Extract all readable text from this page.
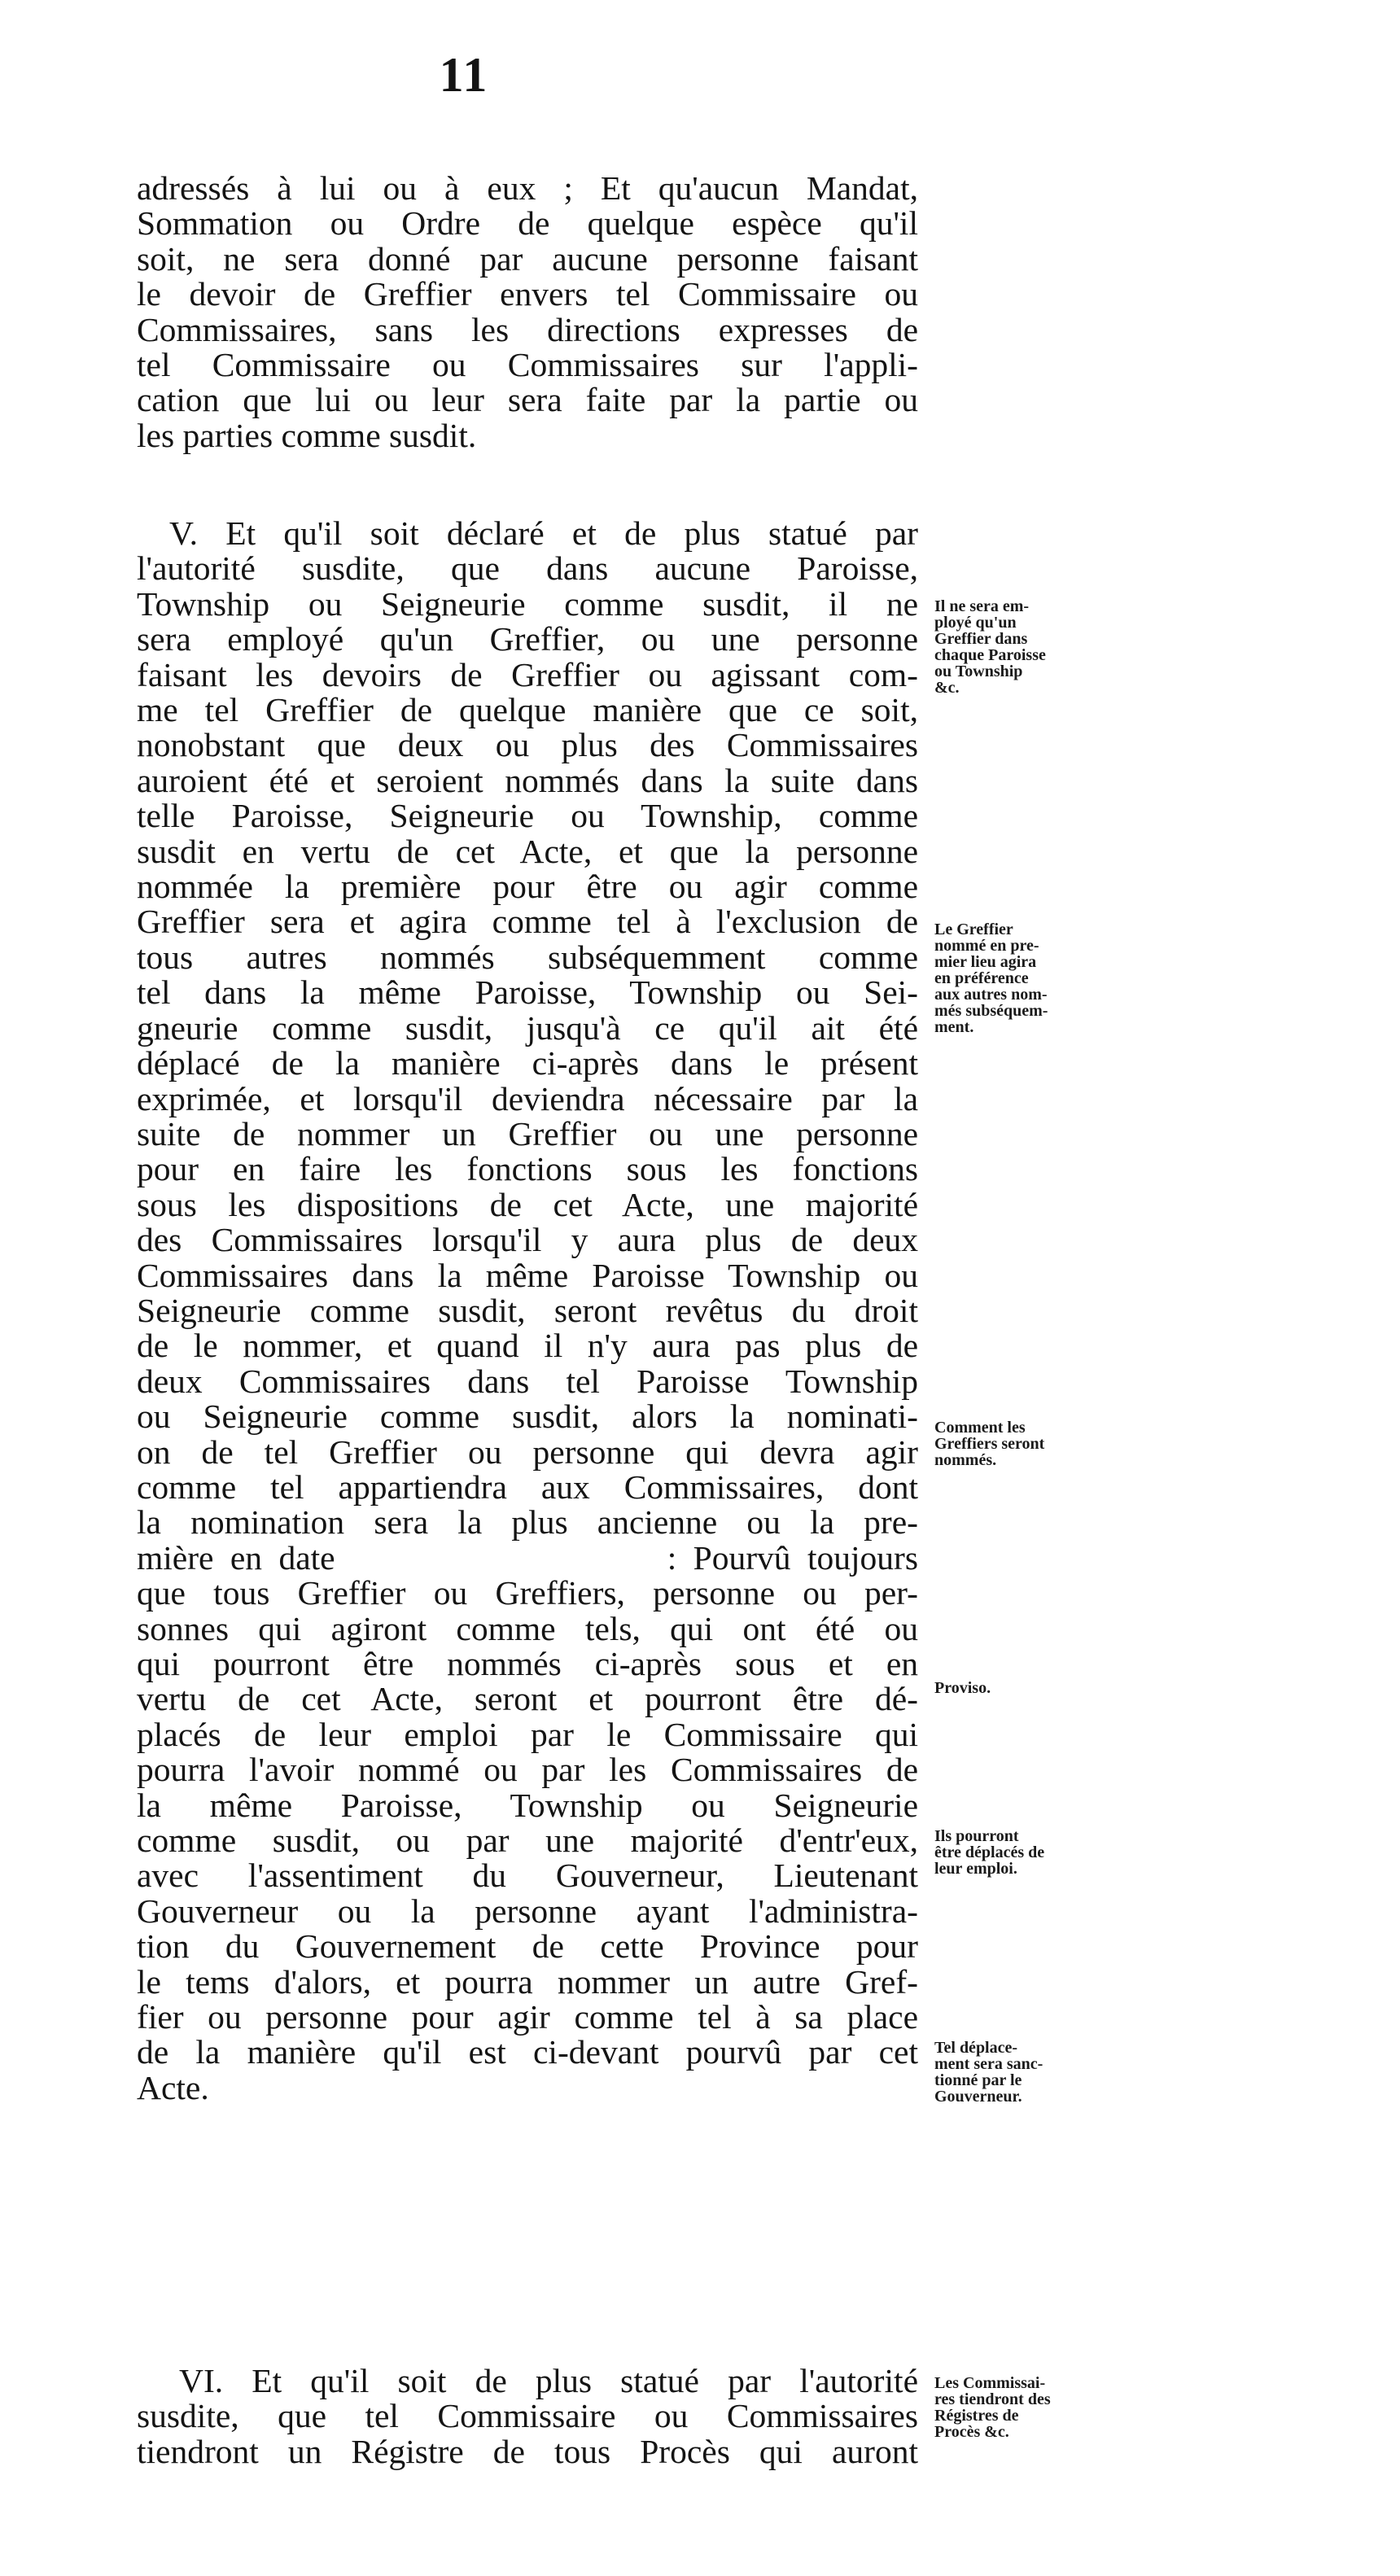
11
adressés à lui ou à eux ; Et qu'aucun Mandat,
Sommation ou Ordre de quelque espèce qu'il
soit, ne sera donné par aucune personne faisant
le devoir de Greffier envers tel Commissaire ou
Commissaires, sans les directions expresses de
tel Commissaire ou Commissaires sur l'appli-
cation que lui ou leur sera faite par la partie ou
les parties comme susdit.
V. Et qu'il soit déclaré et de plus statué par
l'autorité susdite, que dans aucune Paroisse,
Township ou Seigneurie comme susdit, il ne
sera employé qu'un Greffier, ou une personne
faisant les devoirs de Greffier ou agissant com-
me tel Greffier de quelque manière que ce soit,
nonobstant que deux ou plus des Commissaires
auroient été et seroient nommés dans la suite dans
telle Paroisse, Seigneurie ou Township, comme
susdit en vertu de cet Acte, et que la personne
nommée la première pour être ou agir comme
Greffier sera et agira comme tel à l'exclusion de
tous autres nommés subséquemment comme
tel dans la même Paroisse, Township ou Sei-
gneurie comme susdit, jusqu'à ce qu'il ait été
déplacé de la manière ci-après dans le présent
exprimée, et lorsqu'il deviendra nécessaire par la
suite de nommer un Greffier ou une personne
pour en faire les fonctions sous les fonctions
sous les dispositions de cet Acte, une majorité
des Commissaires lorsqu'il y aura plus de deux
Commissaires dans la même Paroisse Township ou
Seigneurie comme susdit, seront revêtus du droit
de le nommer, et quand il n'y aura pas plus de
deux Commissaires dans tel Paroisse Township
ou Seigneurie comme susdit, alors la nominati-
on de tel Greffier ou personne qui devra agir
comme tel appartiendra aux Commissaires, dont
la nomination sera la plus ancienne ou la pre-
mière en date                    : Pourvû toujours
que tous Greffier ou Greffiers, personne ou per-
sonnes qui agiront comme tels, qui ont été ou
qui pourront être nommés ci-après sous et en
vertu de cet Acte, seront et pourront être dé-
placés de leur emploi par le Commissaire qui
pourra l'avoir nommé ou par les Commissaires de
la même Paroisse, Township ou Seigneurie
comme susdit, ou par une majorité d'entr'eux,
avec l'assentiment du Gouverneur, Lieutenant
Gouverneur ou la personne ayant l'administra-
tion du Gouvernement de cette Province pour
le tems d'alors, et pourra nommer un autre Gref-
fier ou personne pour agir comme tel à sa place
de la manière qu'il est ci-devant pourvû par cet
Acte.
VI. Et qu'il soit de plus statué par l'autorité
susdite, que tel Commissaire ou Commissaires
tiendront un Régistre de tous Procès qui auront
Il ne sera em-
ployé qu'un
Greffier dans
chaque Paroisse
ou Township
&c.
Le Greffier
nommé en pre-
mier lieu agira
en préférence
aux autres nom-
més subséquem-
ment.
Comment les
Greffiers seront
nommés.
Proviso.
Ils pourront
être déplacés de
leur emploi.
Tel déplace-
ment sera sanc-
tionné par le
Gouverneur.
Les Commissai-
res tiendront des
Régistres de
Procès &c.
